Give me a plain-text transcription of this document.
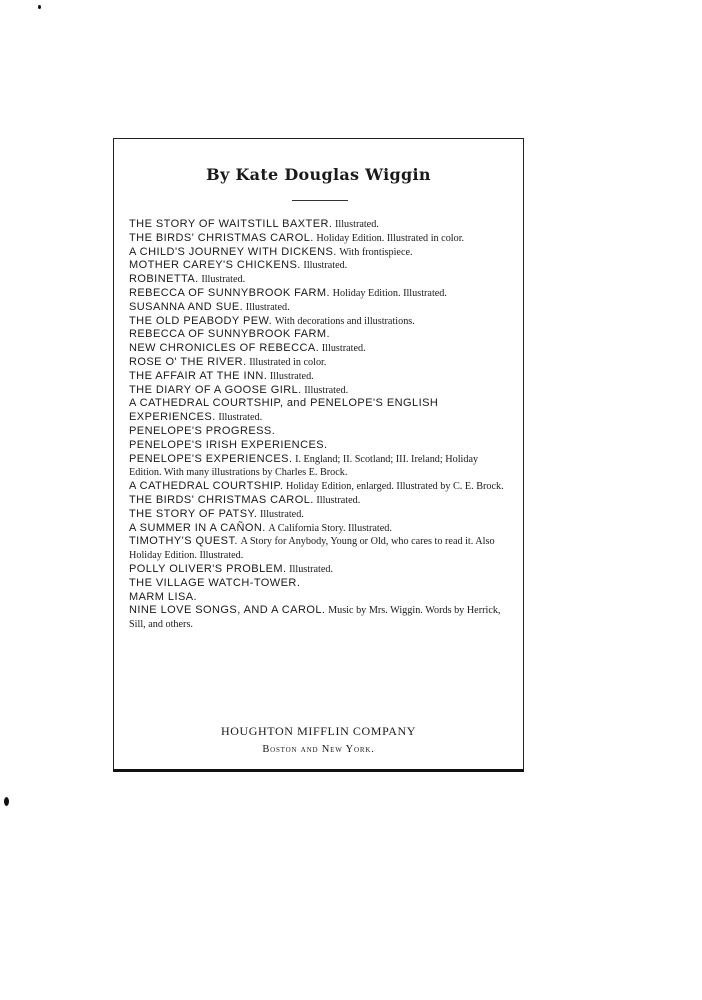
By Kate Douglas Wiggin
THE STORY OF WAITSTILL BAXTER. Illustrated.
THE BIRDS' CHRISTMAS CAROL. Holiday Edition. Illustrated in color.
A CHILD'S JOURNEY WITH DICKENS. With frontispiece.
MOTHER CAREY'S CHICKENS. Illustrated.
ROBINETTA. Illustrated.
REBECCA OF SUNNYBROOK FARM. Holiday Edition. Illustrated.
SUSANNA AND SUE. Illustrated.
THE OLD PEABODY PEW. With decorations and illustrations.
REBECCA OF SUNNYBROOK FARM.
NEW CHRONICLES OF REBECCA. Illustrated.
ROSE O' THE RIVER. Illustrated in color.
THE AFFAIR AT THE INN. Illustrated.
THE DIARY OF A GOOSE GIRL. Illustrated.
A CATHEDRAL COURTSHIP, and PENELOPE'S ENGLISH EXPERIENCES. Illustrated.
PENELOPE'S PROGRESS.
PENELOPE'S IRISH EXPERIENCES.
PENELOPE'S EXPERIENCES. I. England; II. Scotland; III. Ireland; Holiday Edition. With many illustrations by Charles E. Brock.
A CATHEDRAL COURTSHIP. Holiday Edition, enlarged. Illustrated by C. E. Brock.
THE BIRDS' CHRISTMAS CAROL. Illustrated.
THE STORY OF PATSY. Illustrated.
A SUMMER IN A CAÑON. A California Story. Illustrated.
TIMOTHY'S QUEST. A Story for Anybody, Young or Old, who cares to read it. Also Holiday Edition. Illustrated.
POLLY OLIVER'S PROBLEM. Illustrated.
THE VILLAGE WATCH-TOWER.
MARM LISA.
NINE LOVE SONGS, AND A CAROL. Music by Mrs. Wiggin. Words by Herrick, Sill, and others.
HOUGHTON MIFFLIN COMPANY
Boston and New York.
